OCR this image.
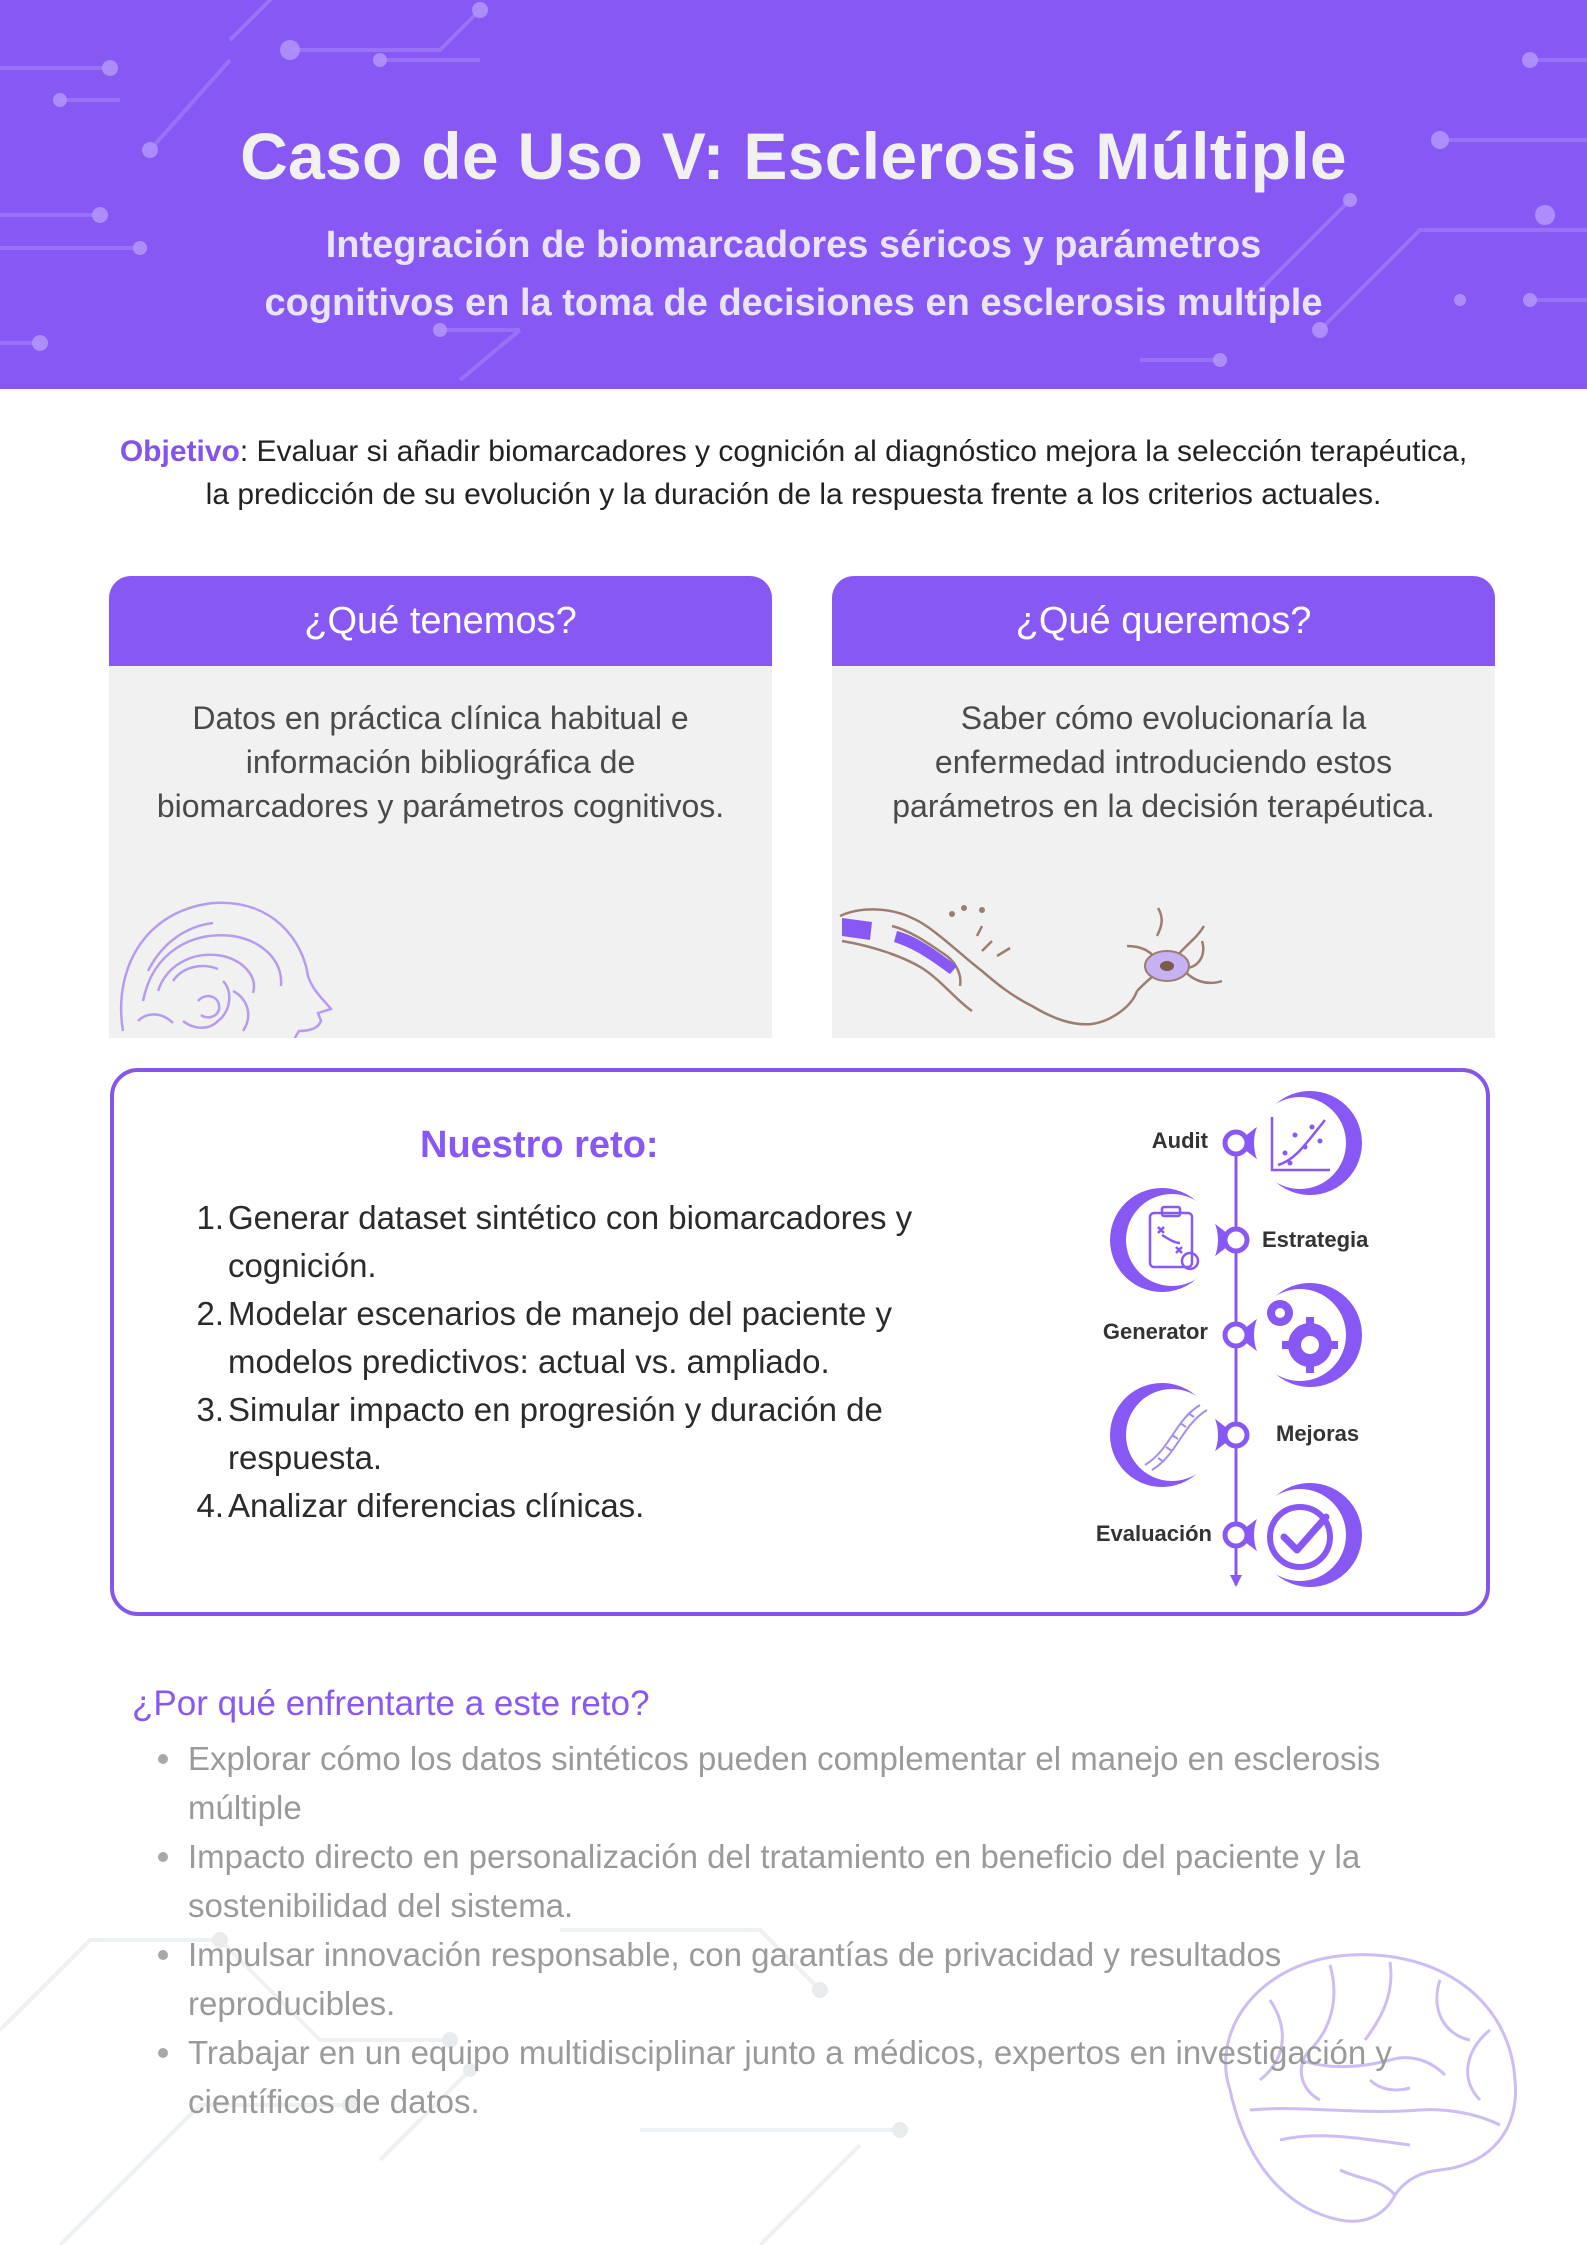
Caso de Uso V: Esclerosis Múltiple
Integración de biomarcadores séricos y parámetros
cognitivos en la toma de decisiones en esclerosis multiple
Objetivo: Evaluar si añadir biomarcadores y cognición al diagnóstico mejora la selección terapéutica, la predicción de su evolución y la duración de la respuesta frente a los criterios actuales.
¿Qué tenemos?
Datos en práctica clínica habitual e información bibliográfica de biomarcadores y parámetros cognitivos.
¿Qué queremos?
Saber cómo evolucionaría la enfermedad introduciendo estos parámetros en la decisión terapéutica.
Nuestro reto:
1. Generar dataset sintético con biomarcadores y cognición.
2. Modelar escenarios de manejo del paciente y modelos predictivos: actual vs. ampliado.
3. Simular impacto en progresión y duración de respuesta.
4. Analizar diferencias clínicas.
Audit
Estrategia
Generator
Mejoras
Evaluación
¿Por qué enfrentarte a este reto?
Explorar cómo los datos sintéticos pueden complementar el manejo en esclerosis múltiple
Impacto directo en personalización del tratamiento en beneficio del paciente y la sostenibilidad del sistema.
Impulsar innovación responsable, con garantías de privacidad y resultados reproducibles.
Trabajar en un equipo multidisciplinar junto a médicos, expertos en investigación y científicos de datos.
